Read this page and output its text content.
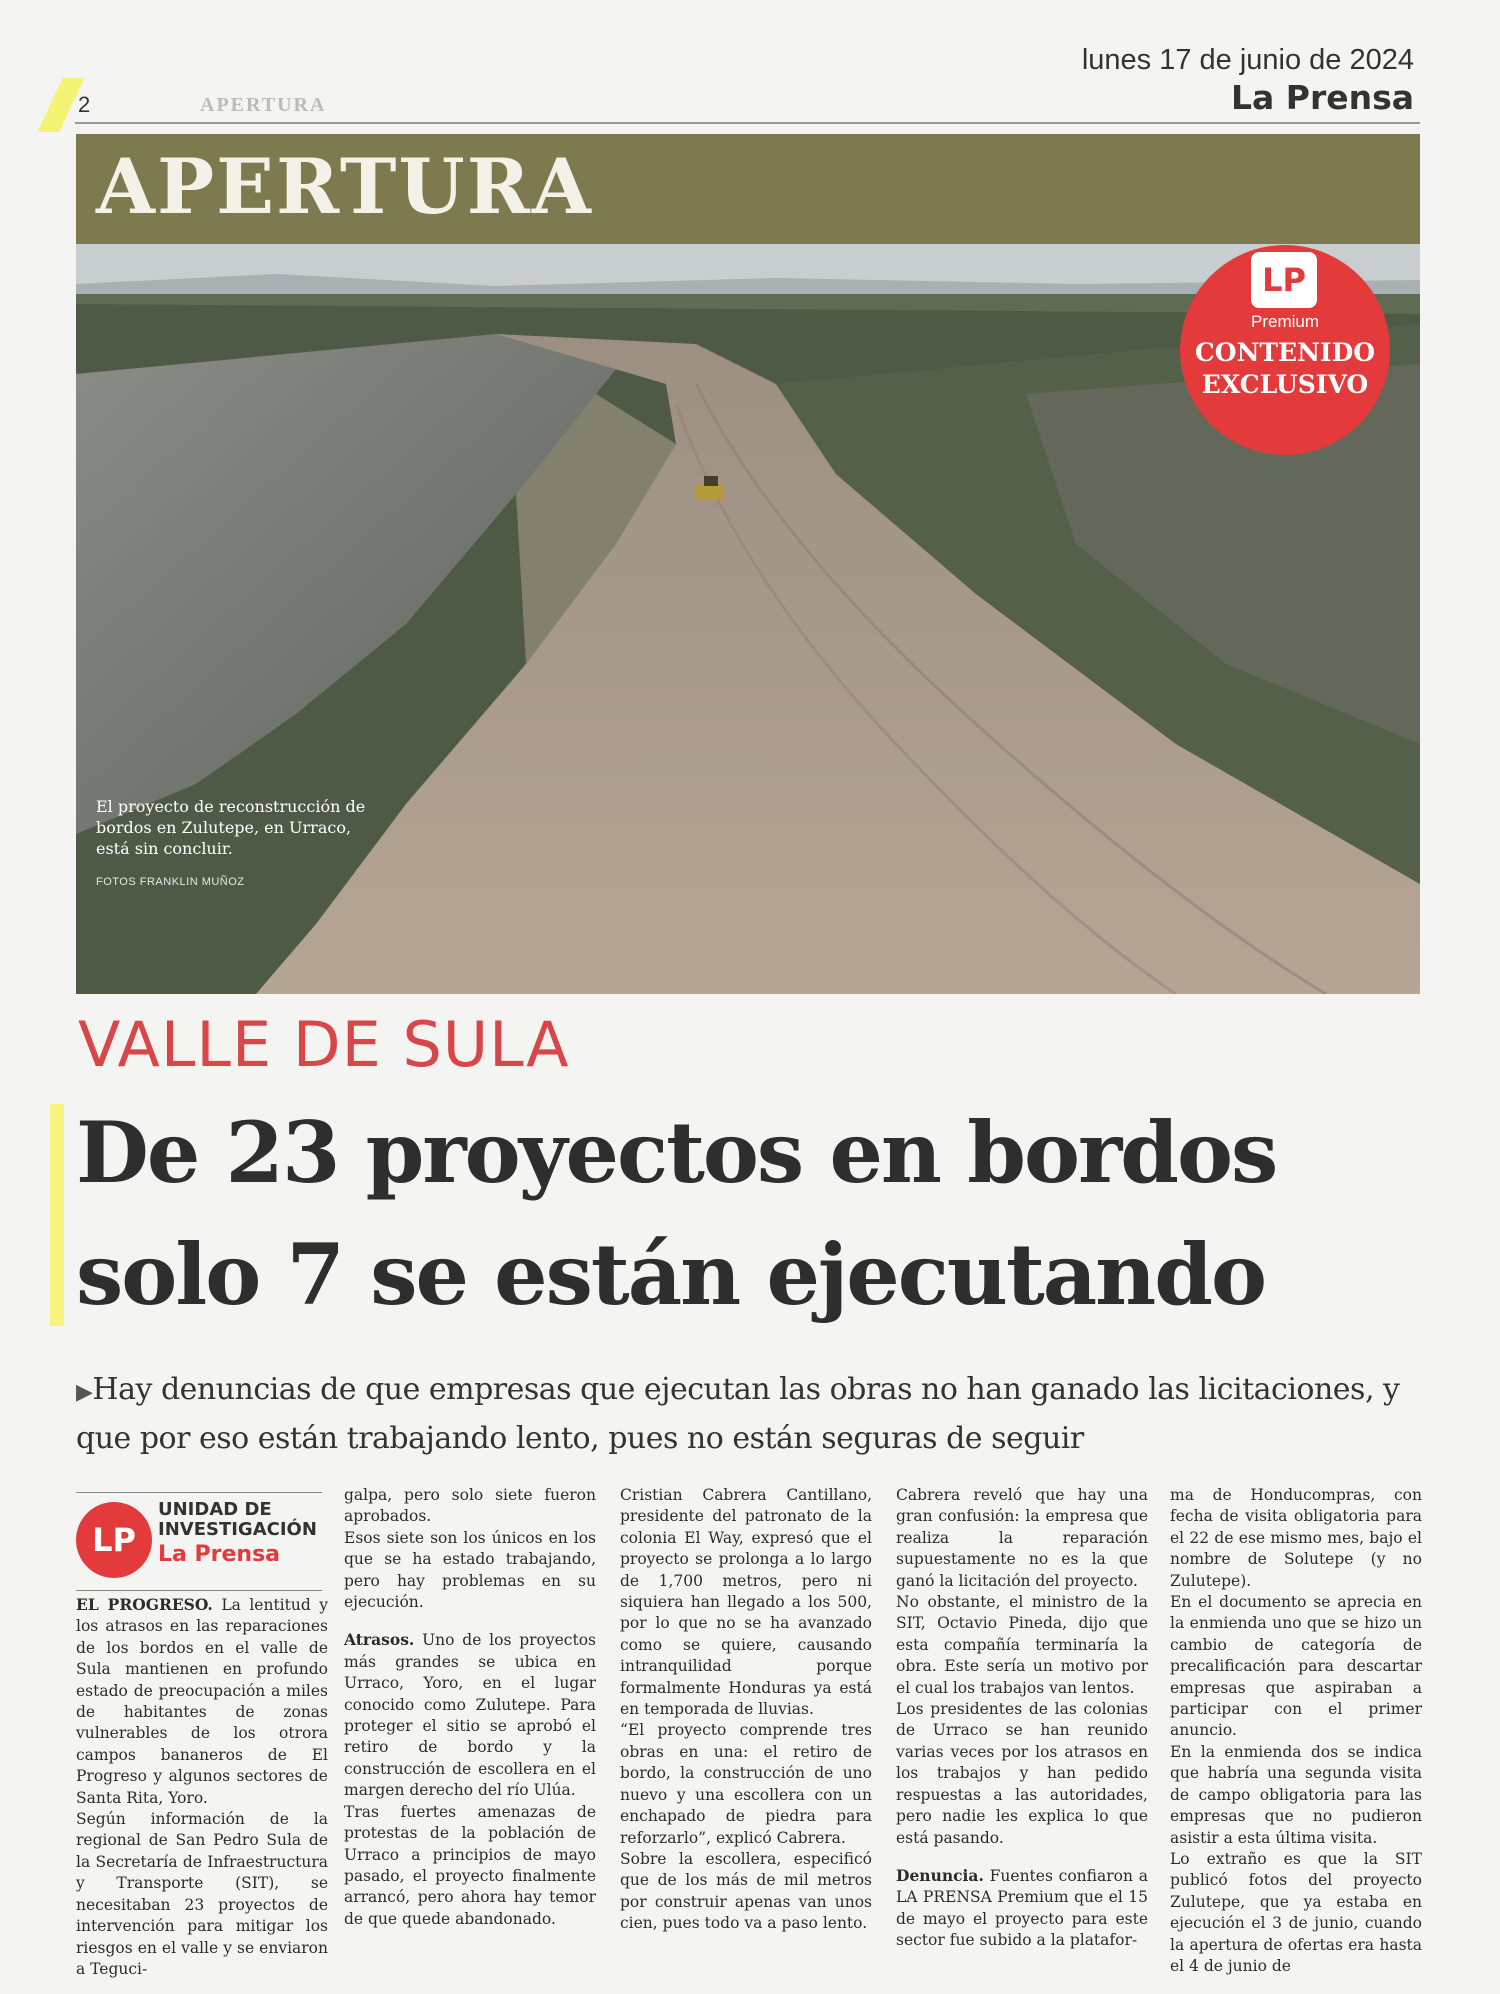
2	APERTURA
lunes 17 de junio de 2024
La Prensa
APERTURA
El proyecto de reconstrucción de bordos en Zulutepe, en Urraco, está sin concluir.
FOTOS FRANKLIN MUÑOZ
LP
Premium
CONTENIDO
EXCLUSIVO
VALLE DE SULA
De 23 proyectos en bordos solo 7 se están ejecutando
▶Hay denuncias de que empresas que ejecutan las obras no han ganado las licitaciones, y que por eso están trabajando lento, pues no están seguras de seguir
LP
UNIDAD DE
INVESTIGACIÓN
La Prensa

EL PROGRESO. La lentitud y los atrasos en las reparaciones de los bordos en el valle de Sula mantienen en profundo estado de preocupación a miles de habitantes de zonas vulnerables de los otrora campos bananeros de El Progreso y algunos sectores de Santa Rita, Yoro.

Según información de la regional de San Pedro Sula de la Secretaría de Infraestructura y Transporte (SIT), se necesitaban 23 proyectos de intervención para mitigar los riesgos en el valle y se enviaron a Teguci-

galpa, pero solo siete fueron aprobados.

Esos siete son los únicos en los que se ha estado trabajando, pero hay problemas en su ejecución.

Atrasos. Uno de los proyectos más grandes se ubica en Urraco, Yoro, en el lugar conocido como Zulutepe. Para proteger el sitio se aprobó el retiro de bordo y la construcción de escollera en el margen derecho del río Ulúa.

Tras fuertes amenazas de protestas de la población de Urraco a principios de mayo pasado, el proyecto finalmente arrancó, pero ahora hay temor de que quede abandonado.

Cristian Cabrera Cantillano, presidente del patronato de la colonia El Way, expresó que el proyecto se prolonga a lo largo de 1,700 metros, pero ni siquiera han llegado a los 500, por lo que no se ha avanzado como se quiere, causando intranquilidad porque formalmente Honduras ya está en temporada de lluvias.

“El proyecto comprende tres obras en una: el retiro de bordo, la construcción de uno nuevo y una escollera con un enchapado de piedra para reforzarlo”, explicó Cabrera.

Sobre la escollera, especificó que de los más de mil metros por construir apenas van unos cien, pues todo va a paso lento.

Cabrera reveló que hay una gran confusión: la empresa que realiza la reparación supuestamente no es la que ganó la licitación del proyecto.

No obstante, el ministro de la SIT, Octavio Pineda, dijo que esta compañía terminaría la obra. Este sería un motivo por el cual los trabajos van lentos.

Los presidentes de las colonias de Urraco se han reunido varias veces por los atrasos en los trabajos y han pedido respuestas a las autoridades, pero nadie les explica lo que está pasando.

Denuncia. Fuentes confiaron a LA PRENSA Premium que el 15 de mayo el proyecto para este sector fue subido a la platafor-

ma de Honducompras, con fecha de visita obligatoria para el 22 de ese mismo mes, bajo el nombre de Solutepe (y no Zulutepe).

En el documento se aprecia en la enmienda uno que se hizo un cambio de categoría de precalificación para descartar empresas que aspiraban a participar con el primer anuncio.

En la enmienda dos se indica que habría una segunda visita de campo obligatoria para las empresas que no pudieron asistir a esta última visita.

Lo extraño es que la SIT publicó fotos del proyecto Zulutepe, que ya estaba en ejecución el 3 de junio, cuando la apertura de ofertas era hasta el 4 de junio de
